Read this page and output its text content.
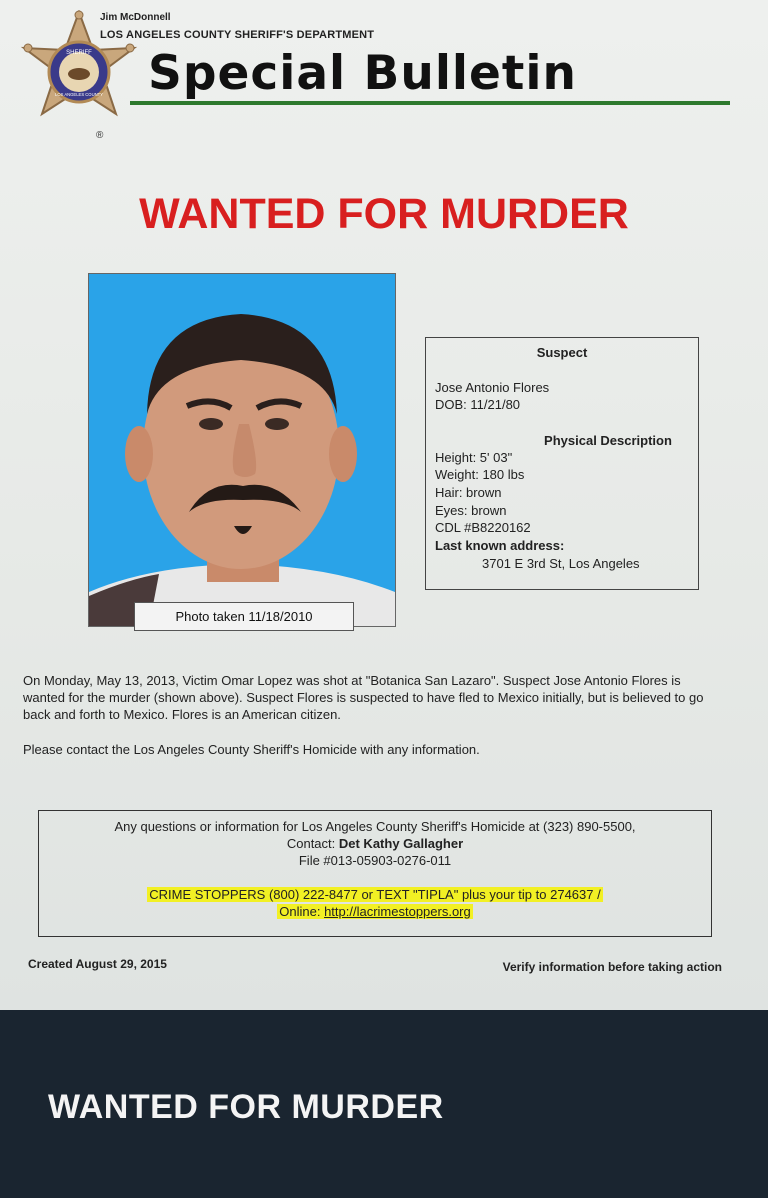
SHERIFF
LOS ANGELES COUNTY
®
Jim McDonnell
LOS ANGELES COUNTY SHERIFF'S DEPARTMENT
Special Bulletin
WANTED FOR MURDER
Photo taken 11/18/2010
Suspect
Jose Antonio Flores
DOB: 11/21/80
Physical Description
Height: 5' 03"
Weight: 180 lbs
Hair: brown
Eyes: brown
CDL #B8220162
Last known address:
3701 E 3rd St, Los Angeles
On Monday, May 13, 2013, Victim Omar Lopez was shot at "Botanica San Lazaro". Suspect Jose Antonio Flores is wanted for the murder (shown above). Suspect Flores is suspected to have fled to Mexico initially, but is believed to go back and forth to Mexico. Flores is an American citizen.
Please contact the Los Angeles County Sheriff's Homicide with any information.
Any questions or information for Los Angeles County Sheriff's Homicide at (323) 890-5500,
Contact: Det Kathy Gallagher
File #013-05903-0276-011
CRIME STOPPERS (800) 222-8477 or TEXT "TIPLA" plus your tip to 274637 /
Online: http://lacrimestoppers.org
Created August 29, 2015	Verify information before taking action
WANTED FOR MURDER
